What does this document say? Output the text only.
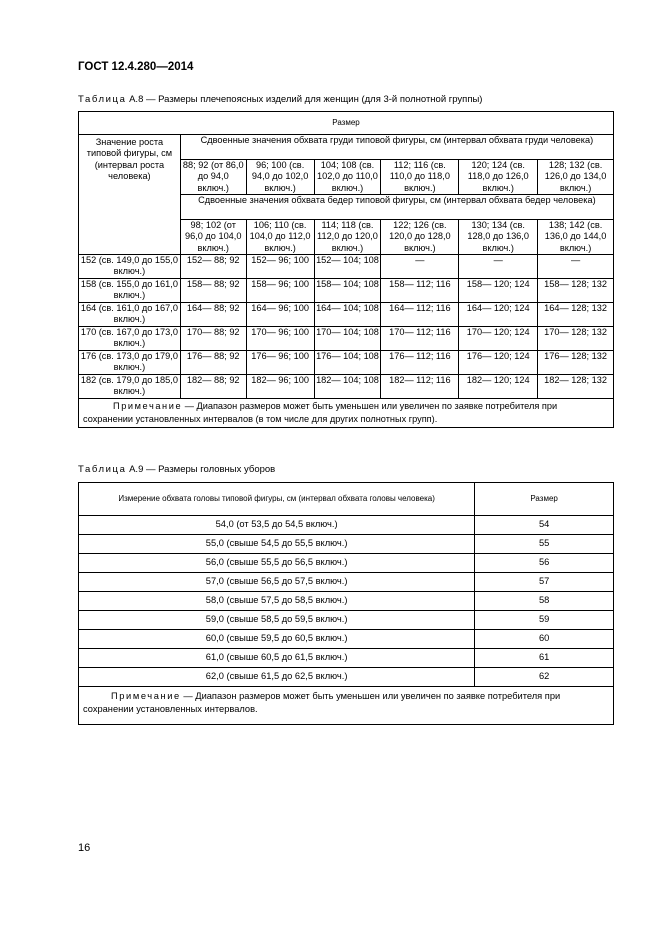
ГОСТ 12.4.280—2014
Таблица А.8 — Размеры плечепоясных изделий для женщин (для 3-й полнотной группы)
Размер						
Значение роста типовой фигуры, см (интервал роста человека)	Сдвоенные значения обхвата груди типовой фигуры, см (интервал обхвата груди человека)					
	88; 92 (от 86,0 до 94,0 включ.)	96; 100 (св. 94,0 до 102,0 включ.)	104; 108 (св. 102,0 до 110,0 включ.)	112; 116 (св. 110,0 до 118,0 включ.)	120; 124 (св. 118,0 до 126,0 включ.)	128; 132 (св. 126,0 до 134,0 включ.)
	Сдвоенные значения обхвата бедер типовой фигуры, см (интервал обхвата бедер человека)					
	98; 102 (от 96,0 до 104,0 включ.)	106; 110 (св. 104,0 до 112,0 включ.)	114; 118 (св. 112,0 до 120,0 включ.)	122; 126 (св. 120,0 до 128,0 включ.)	130; 134 (св. 128,0 до 136,0 включ.)	138; 142 (св. 136,0 до 144,0 включ.)
152 (св. 149,0 до 155,0 включ.)	152— 88; 92	152— 96; 100	152— 104; 108	—	—	—
158 (св. 155,0 до 161,0 включ.)	158— 88; 92	158— 96; 100	158— 104; 108	158— 112; 116	158— 120; 124	158— 128; 132
164 (св. 161,0 до 167,0 включ.)	164— 88; 92	164— 96; 100	164— 104; 108	164— 112; 116	164— 120; 124	164— 128; 132
170 (св. 167,0 до 173,0 включ.)	170— 88; 92	170— 96; 100	170— 104; 108	170— 112; 116	170— 120; 124	170— 128; 132
176 (св. 173,0 до 179,0 включ.)	176— 88; 92	176— 96; 100	176— 104; 108	176— 112; 116	176— 120; 124	176— 128; 132
182 (св. 179,0 до 185,0 включ.)	182— 88; 92	182— 96; 100	182— 104; 108	182— 112; 116	182— 120; 124	182— 128; 132
Примечание — Диапазон размеров может быть уменьшен или увеличен по заявке потребителя при сохранении установленных интервалов (в том числе для других полнотных групп).						
Таблица А.9 — Размеры головных уборов
Измерение обхвата головы типовой фигуры, см (интервал обхвата головы человека)	Размер
54,0 (от 53,5 до 54,5 включ.)	54
55,0 (свыше 54,5 до 55,5 включ.)	55
56,0 (свыше 55,5 до 56,5 включ.)	56
57,0 (свыше 56,5 до 57,5 включ.)	57
58,0 (свыше 57,5 до 58,5 включ.)	58
59,0 (свыше 58,5 до 59,5 включ.)	59
60,0 (свыше 59,5 до 60,5 включ.)	60
61,0 (свыше 60,5 до 61,5 включ.)	61
62,0 (свыше 61,5 до 62,5 включ.)	62
Примечание — Диапазон размеров может быть уменьшен или увеличен по заявке потребителя при сохранении установленных интервалов.	
16
